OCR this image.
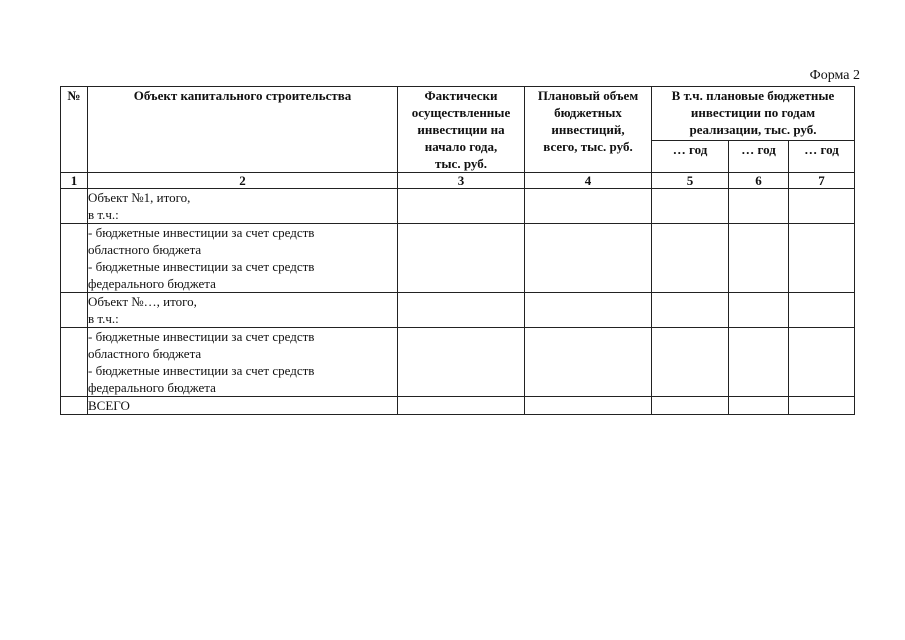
Форма 2
№	Объект капитального строительства	Фактически
осуществленные
инвестиции на
начало года,
тыс. руб.	Плановый объем
бюджетных
инвестиций,
всего, тыс. руб.	В т.ч. плановые бюджетные
инвестиции по годам
реализации, тыс. руб.		

				… год	… год	… год
1	2	3	4	5	6	7

	Объект №1, итого,
в т.ч.:					

	- бюджетные инвестиции за счет средств
областного бюджета
- бюджетные инвестиции за счет средств
федерального бюджета					

	Объект №…, итого,
в т.ч.:					

	- бюджетные инвестиции за счет средств
областного бюджета
- бюджетные инвестиции за счет средств
федерального бюджета					

	ВСЕГО					
